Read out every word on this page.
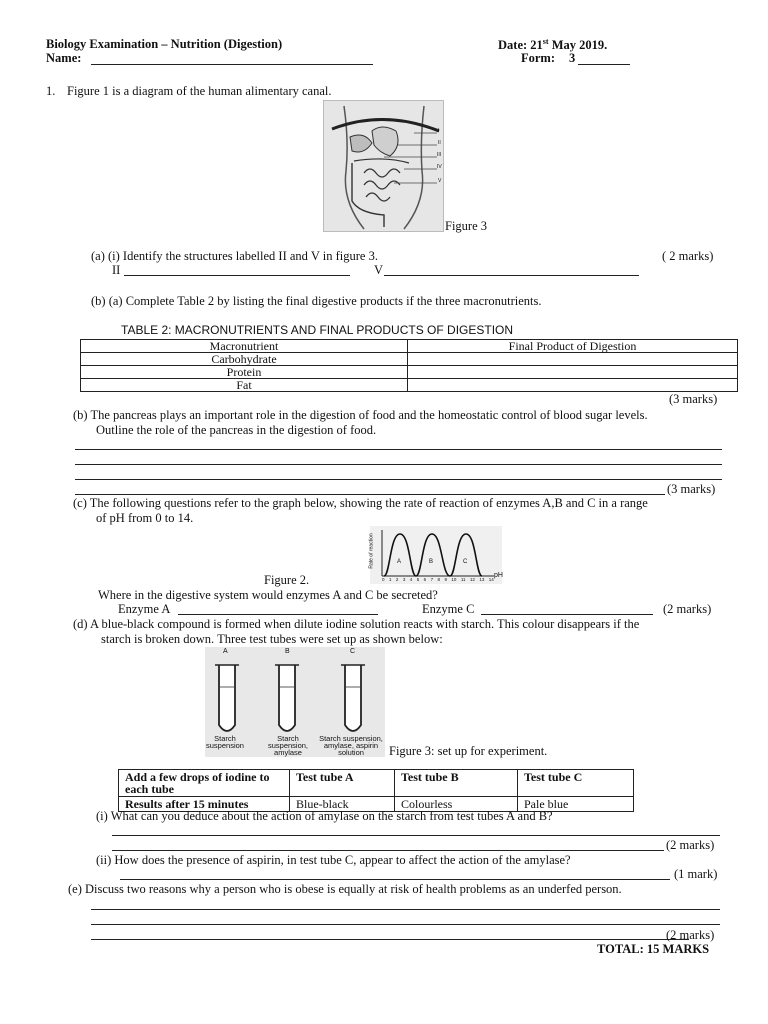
Biology Examination – Nutrition (Digestion)	Date: 21st May 2019.
Name:	Form: 3
1. Figure 1 is a diagram of the human alimentary canal.
I
II
III
IV
V
Figure 3
(a) (i) Identify the structures labelled II and V in figure 3.	( 2 marks)
II	V
(b) (a) Complete Table 2 by listing the final digestive products if the three macronutrients.
TABLE 2: MACRONUTRIENTS AND FINAL PRODUCTS OF DIGESTION
Macronutrient	Final Product of Digestion
Carbohydrate	
Protein	
Fat	
(3 marks)
(b) The pancreas plays an important role in the digestion of food and the homeostatic control of blood sugar levels.
Outline the role of the pancreas in the digestion of food.
(3 marks)
(c) The following questions refer to the graph below, showing the rate of reaction of enzymes A,B and C in a range
of pH from 0 to 14.
Rate of reaction	A	B	C
0 1 2 3 4 5 6 7 8 9 10 11 12 13 14
pH
Figure 2.
Where in the digestive system would enzymes A and C be secreted?
Enzyme A	Enzyme C	(2 marks)
(d) A blue-black compound is formed when dilute iodine solution reacts with starch. This colour disappears if the
starch is broken down. Three test tubes were set up as shown below:
A	B	C
Starch
suspension
Starch
suspension,
amylase
Starch suspension,
amylase, aspirin
solution	Figure 3: set up for experiment.
Add a few drops of iodine to each tube	Test tube A	Test tube B	Test tube C
Results after 15 minutes	Blue-black	Colourless	Pale blue
(i) What can you deduce about the action of amylase on the starch from test tubes A and B?
(2 marks)
(ii) How does the presence of aspirin, in test tube C, appear to affect the action of the amylase?
(1 mark)
(e) Discuss two reasons why a person who is obese is equally at risk of health problems as an underfed person.
(2 marks)
TOTAL: 15 MARKS
